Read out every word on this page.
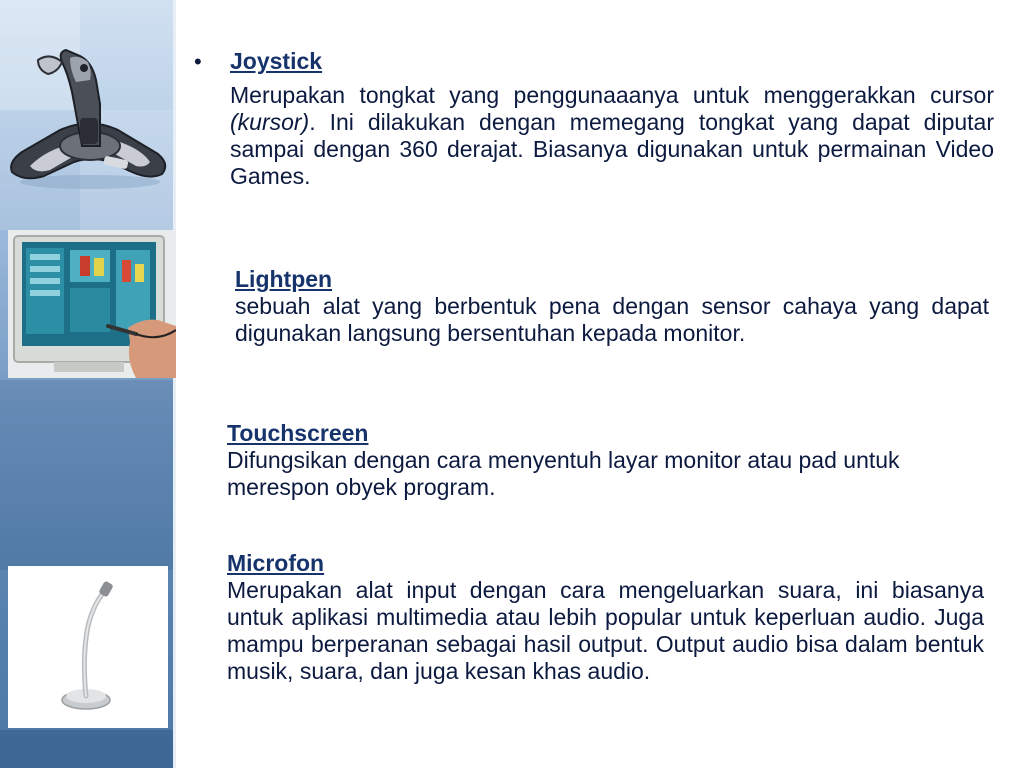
• Joystick
Merupakan tongkat yang penggunaaanya untuk menggerakkan cursor (kursor). Ini dilakukan dengan memegang tongkat yang dapat diputar sampai dengan 360 derajat. Biasanya digunakan untuk permainan Video Games.
Lightpen
sebuah alat yang berbentuk pena dengan sensor cahaya yang dapat digunakan langsung bersentuhan kepada monitor.
Touchscreen
Difungsikan dengan cara menyentuh layar monitor atau pad untuk merespon obyek program.
Microfon
Merupakan alat input dengan cara mengeluarkan suara, ini biasanya untuk aplikasi multimedia atau lebih popular untuk keperluan audio. Juga mampu berperanan sebagai hasil output. Output audio bisa dalam bentuk musik, suara, dan juga kesan khas audio.
